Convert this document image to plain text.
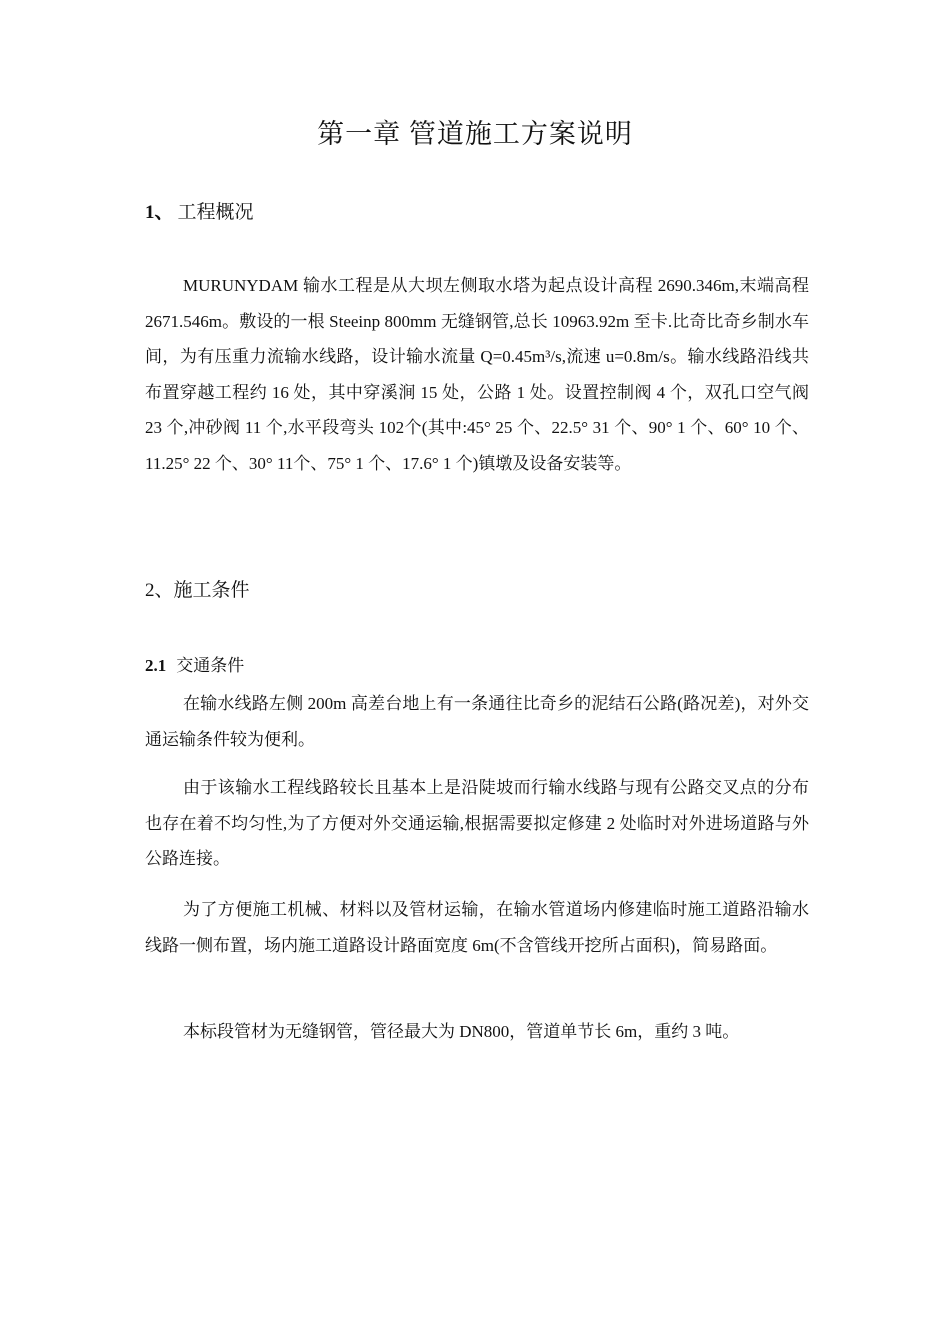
第一章 管道施工方案说明
1、 工程概况
MURUNYDAM 输水工程是从大坝左侧取水塔为起点设计高程 2690.346m,末端高程 2671.546m。敷设的一根 Steeinp 800mm 无缝钢管,总长 10963.92m 至卡.比奇比奇乡制水车间，为有压重力流输水线路，设计输水流量 Q=0.45m³/s,流速 u=0.8m/s。输水线路沿线共布置穿越工程约 16 处，其中穿溪涧 15 处，公路 1 处。设置控制阀 4 个，双孔口空气阀 23 个,冲砂阀 11 个,水平段弯头 102个(其中:45° 25 个、22.5° 31 个、90° 1 个、60° 10 个、11.25° 22 个、30° 11个、75° 1 个、17.6° 1 个)镇墩及设备安装等。
2、施工条件
2.1 交通条件
在输水线路左侧 200m 高差台地上有一条通往比奇乡的泥结石公路(路况差)，对外交通运输条件较为便利。
由于该输水工程线路较长且基本上是沿陡坡而行输水线路与现有公路交叉点的分布也存在着不均匀性,为了方便对外交通运输,根据需要拟定修建 2 处临时对外进场道路与外公路连接。
为了方便施工机械、材料以及管材运输，在输水管道场内修建临时施工道路沿输水线路一侧布置，场内施工道路设计路面宽度 6m(不含管线开挖所占面积)，简易路面。
本标段管材为无缝钢管，管径最大为 DN800，管道单节长 6m，重约 3 吨。
